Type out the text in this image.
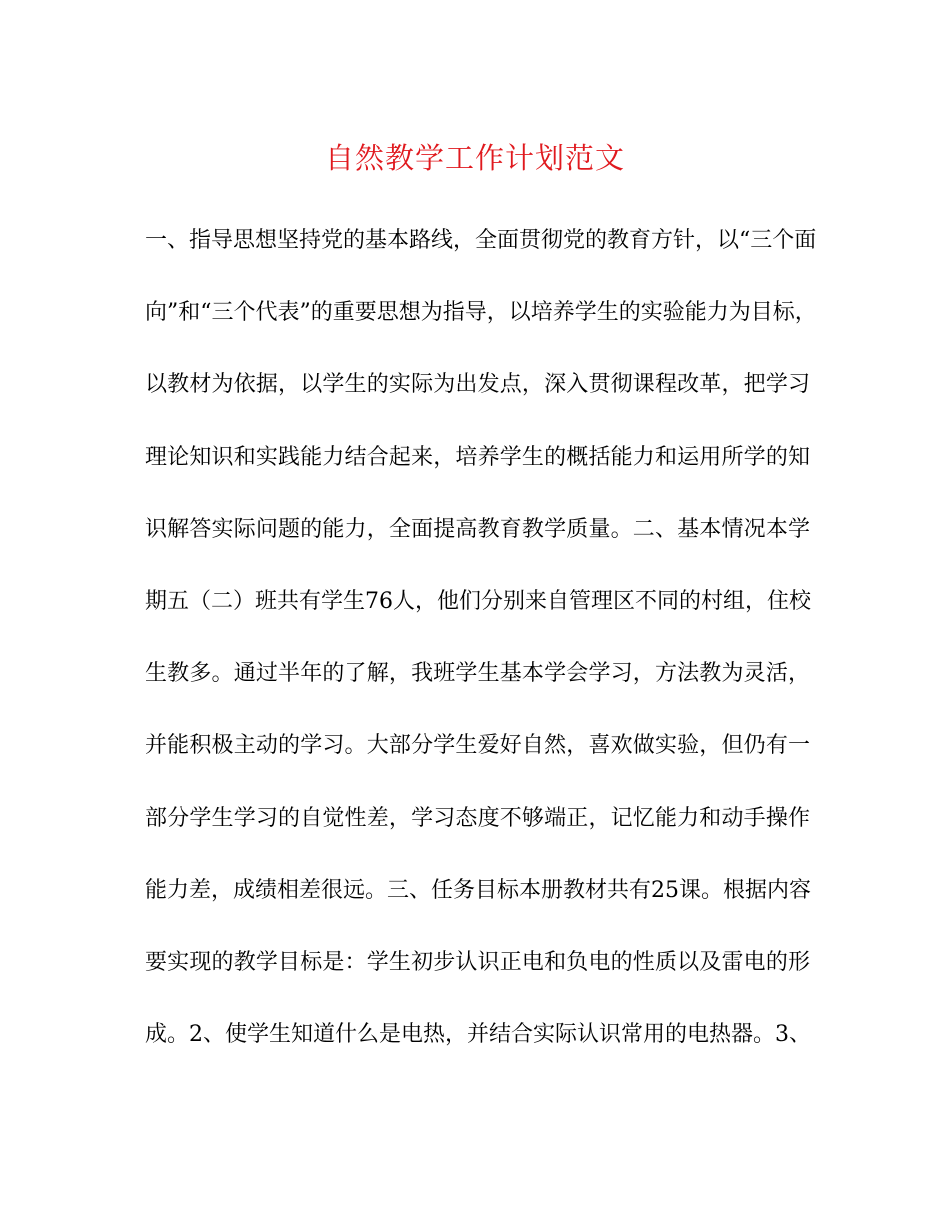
自然教学工作计划范文
一、指导思想坚持党的基本路线，全面贯彻党的教育方针，以“三个面
向”和“三个代表”的重要思想为指导，以培养学生的实验能力为目标，
以教材为依据，以学生的实际为出发点，深入贯彻课程改革，把学习
理论知识和实践能力结合起来，培养学生的概括能力和运用所学的知
识解答实际问题的能力，全面提高教育教学质量。二、基本情况本学
期五（二）班共有学生76人，他们分别来自管理区不同的村组，住校
生教多。通过半年的了解，我班学生基本学会学习，方法教为灵活，
并能积极主动的学习。大部分学生爱好自然，喜欢做实验，但仍有一
部分学生学习的自觉性差，学习态度不够端正，记忆能力和动手操作
能力差，成绩相差很远。三、任务目标本册教材共有25课。根据内容
要实现的教学目标是：学生初步认识正电和负电的性质以及雷电的形
成。2、使学生知道什么是电热，并结合实际认识常用的电热器。3、
